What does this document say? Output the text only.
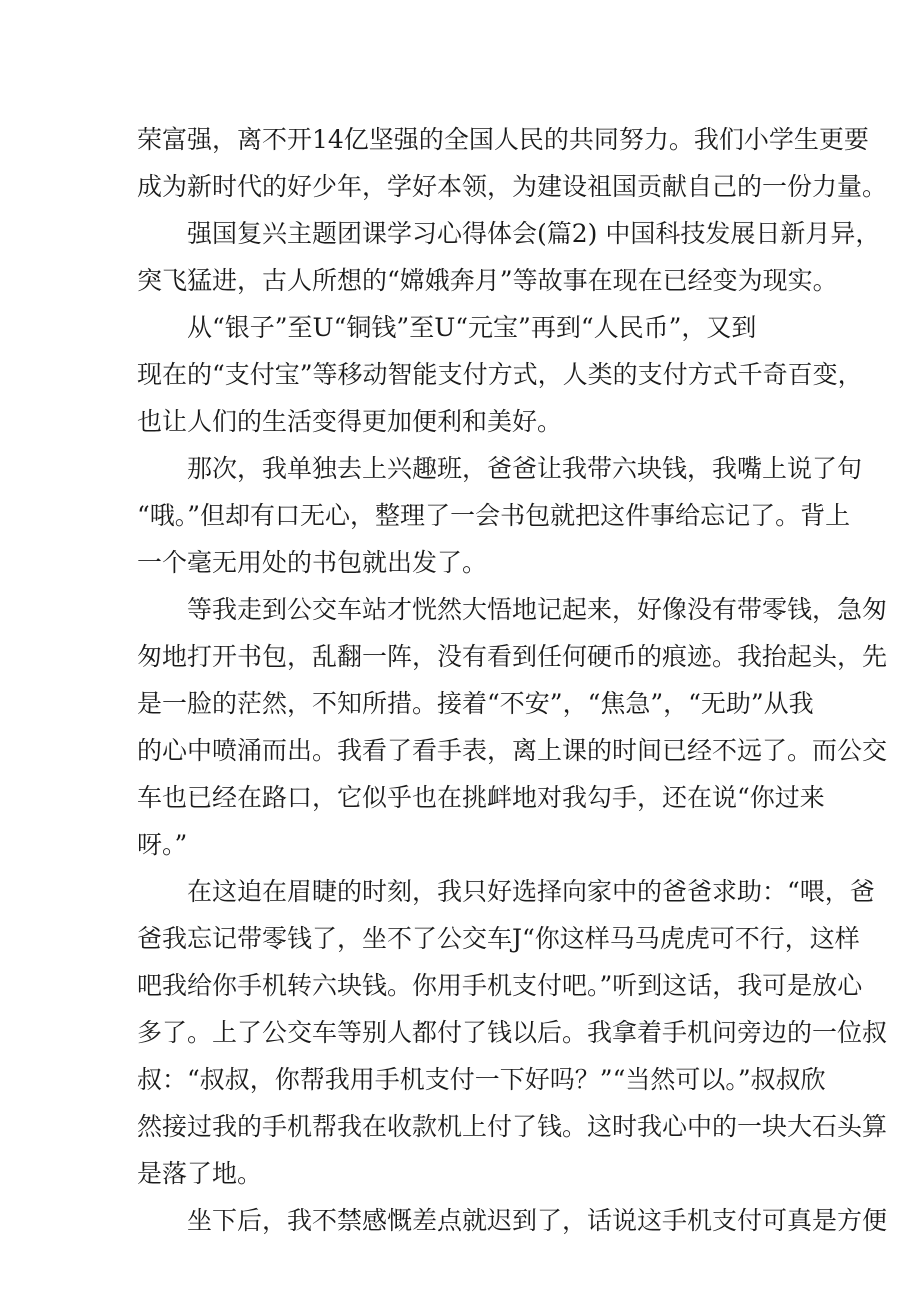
荣富强，离不开14亿坚强的全国人民的共同努力。我们小学生更要
成为新时代的好少年，学好本领，为建设祖国贡献自己的一份力量。
　　强国复兴主题团课学习心得体会(篇2) 中国科技发展日新月异，
突飞猛进，古人所想的“嫦娥奔月”等故事在现在已经变为现实。
　　从“银子”至U“铜钱”至U“元宝”再到“人民币”，又到
现在的“支付宝”等移动智能支付方式，人类的支付方式千奇百变，
也让人们的生活变得更加便利和美好。
　　那次，我单独去上兴趣班，爸爸让我带六块钱，我嘴上说了句
“哦。”但却有口无心，整理了一会书包就把这件事给忘记了。背上
一个毫无用处的书包就出发了。
　　等我走到公交车站才恍然大悟地记起来，好像没有带零钱，急匆
匆地打开书包，乱翻一阵，没有看到任何硬币的痕迹。我抬起头，先
是一脸的茫然，不知所措。接着“不安”，“焦急”，“无助”从我
的心中喷涌而出。我看了看手表，离上课的时间已经不远了。而公交
车也已经在路口，它似乎也在挑衅地对我勾手，还在说“你过来
呀。”
　　在这迫在眉睫的时刻，我只好选择向家中的爸爸求助：“喂，爸
爸我忘记带零钱了，坐不了公交车J“你这样马马虎虎可不行，这样
吧我给你手机转六块钱。你用手机支付吧。”听到这话，我可是放心
多了。上了公交车等别人都付了钱以后。我拿着手机问旁边的一位叔
叔：“叔叔，你帮我用手机支付一下好吗？”“当然可以。”叔叔欣
然接过我的手机帮我在收款机上付了钱。这时我心中的一块大石头算
是落了地。
　　坐下后，我不禁感慨差点就迟到了，话说这手机支付可真是方便
